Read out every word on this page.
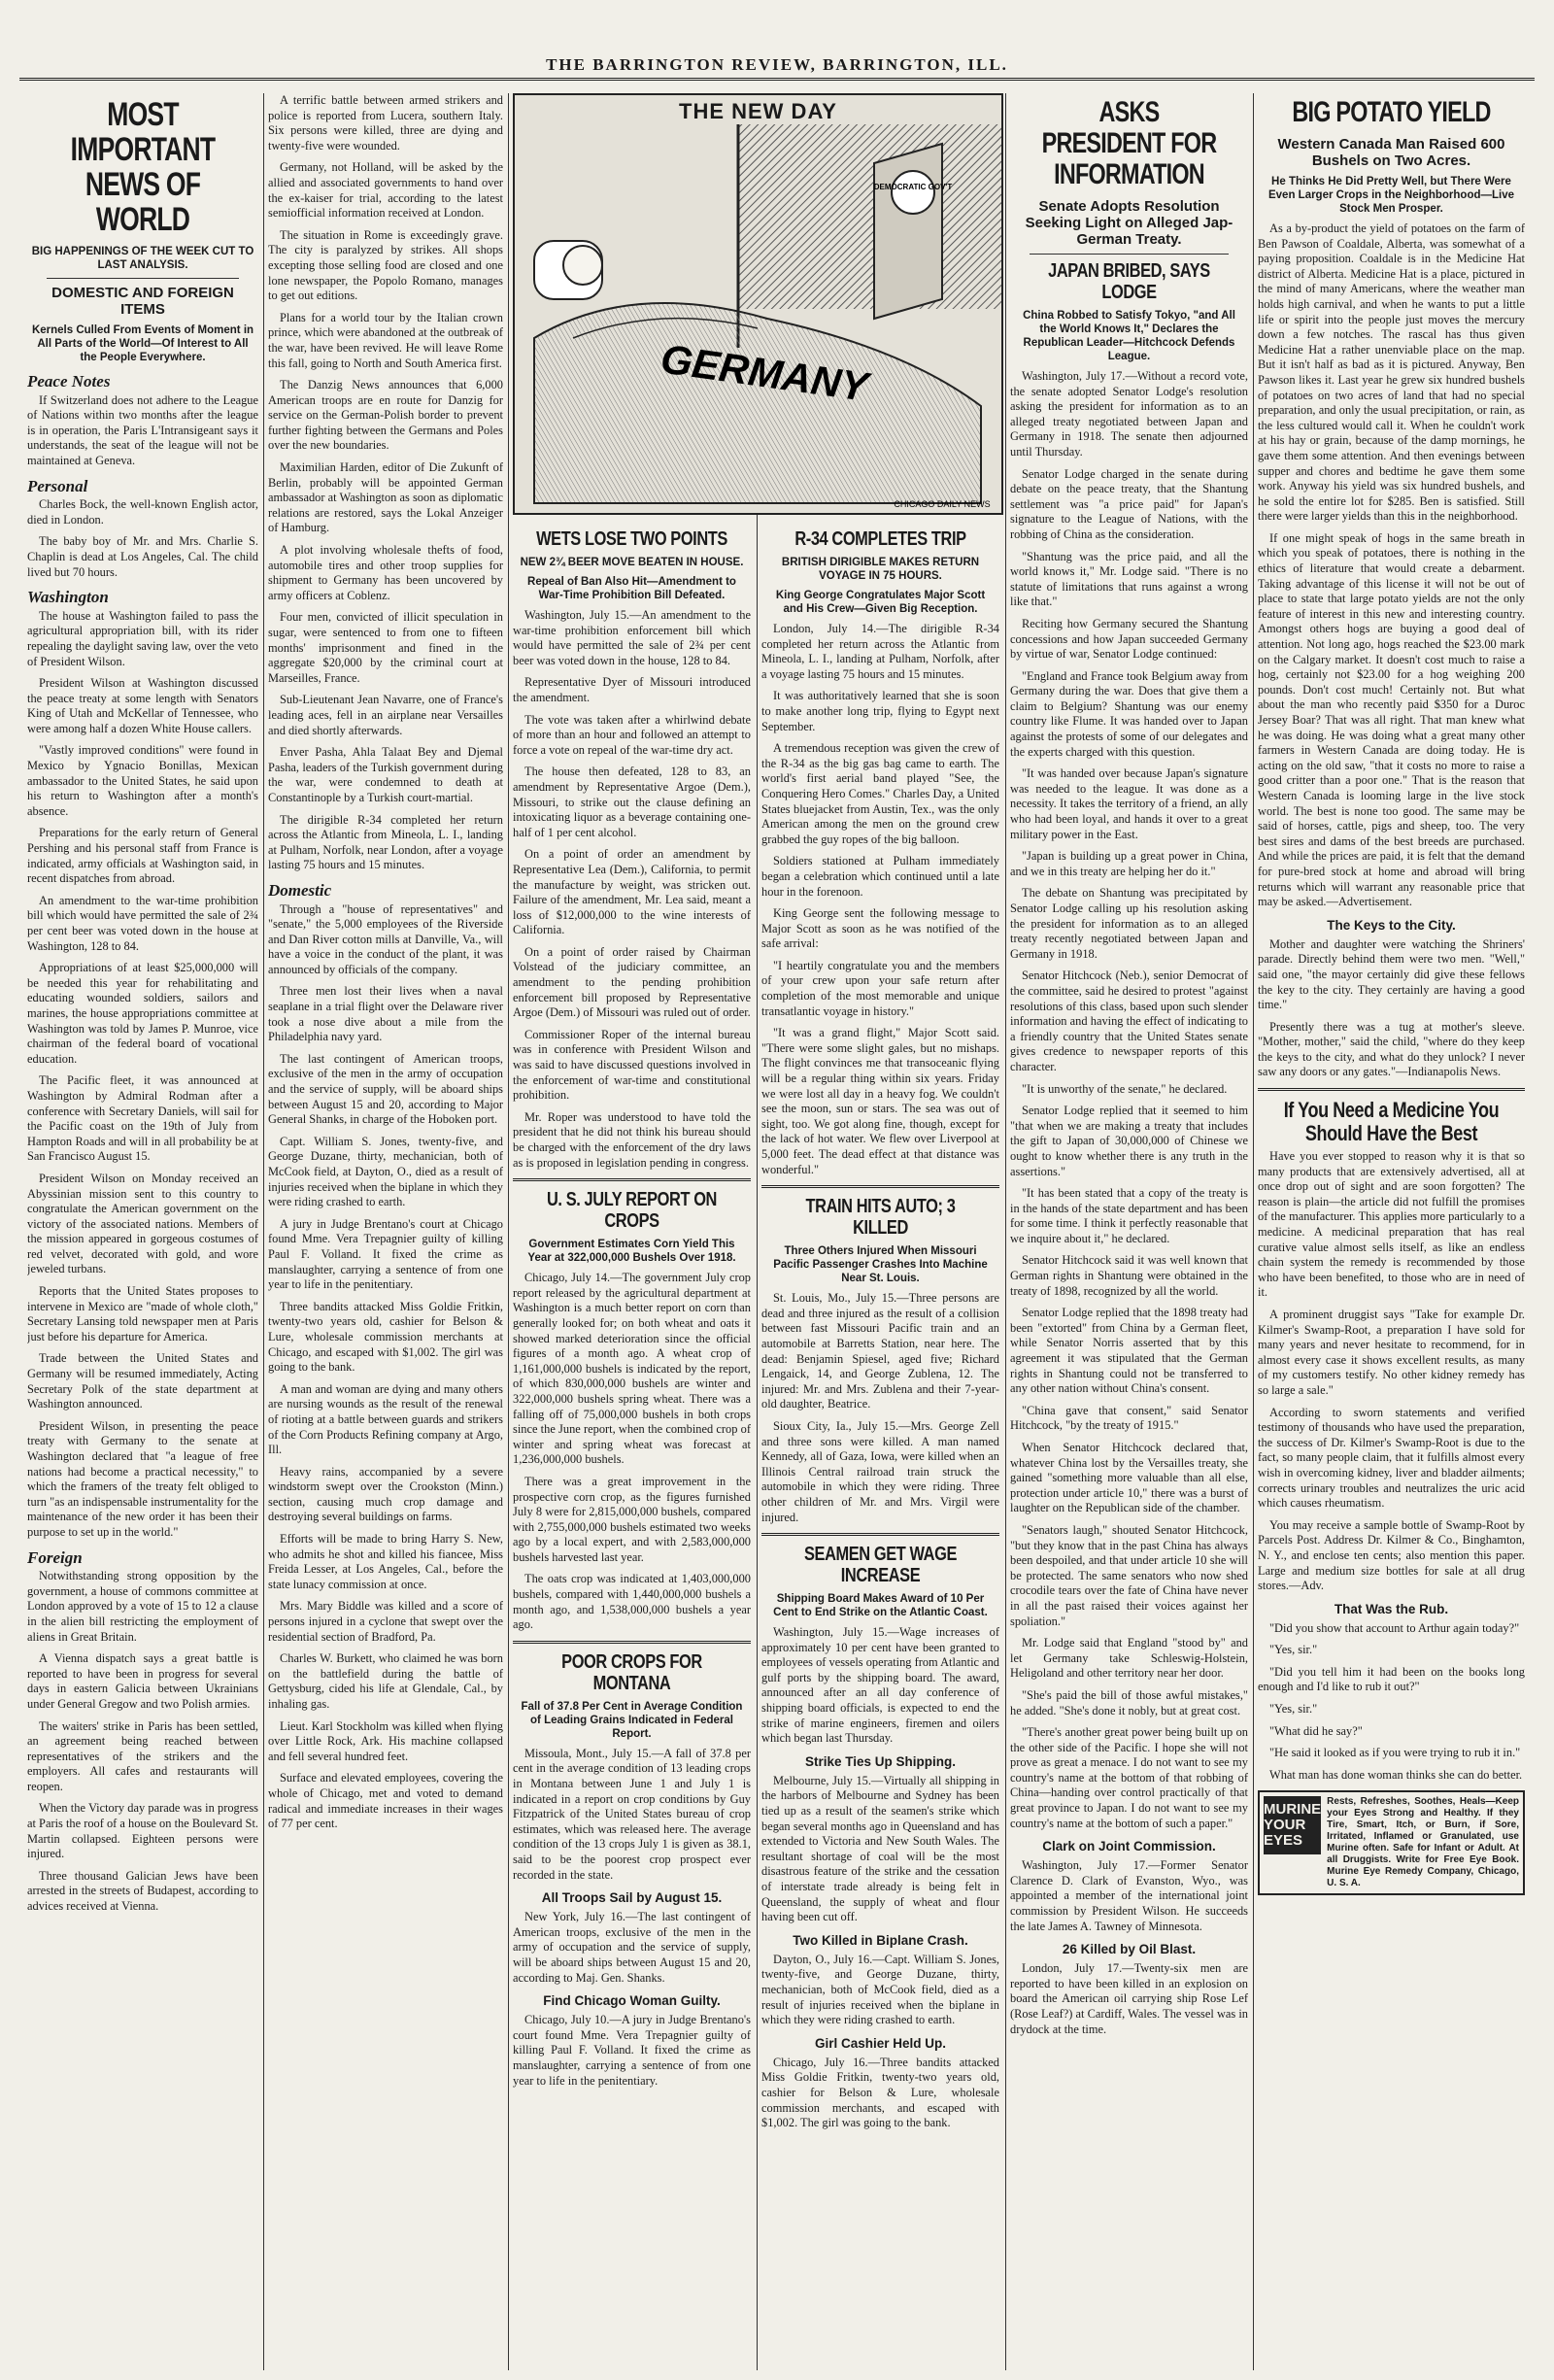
THE BARRINGTON REVIEW, BARRINGTON, ILL.
MOST IMPORTANT NEWS OF WORLD
BIG HAPPENINGS OF THE WEEK CUT TO LAST ANALYSIS.
DOMESTIC AND FOREIGN ITEMS
Kernels Culled From Events of Moment in All Parts of the World—Of Interest to All the People Everywhere.
Peace Notes

If Switzerland does not adhere to the League of Nations within two months after the league is in operation, the Paris L'Intransigeant says it understands, the seat of the league will not be maintained at Geneva.

Personal

Charles Bock, the well-known English actor, died in London.

The baby boy of Mr. and Mrs. Charlie S. Chaplin is dead at Los Angeles, Cal. The child lived but 70 hours.

Washington

The house at Washington failed to pass the agricultural appropriation bill, with its rider repealing the daylight saving law, over the veto of President Wilson.

President Wilson at Washington discussed the peace treaty at some length with Senators King of Utah and McKellar of Tennessee, who were among half a dozen White House callers.

"Vastly improved conditions" were found in Mexico by Ygnacio Bonillas, Mexican ambassador to the United States, he said upon his return to Washington after a month's absence.

Preparations for the early return of General Pershing and his personal staff from France is indicated, army officials at Washington said, in recent dispatches from abroad.

An amendment to the war-time prohibition bill which would have permitted the sale of 2¾ per cent beer was voted down in the house at Washington, 128 to 84.

Appropriations of at least $25,000,000 will be needed this year for rehabilitating and educating wounded soldiers, sailors and marines, the house appropriations committee at Washington was told by James P. Munroe, vice chairman of the federal board of vocational education.

The Pacific fleet, it was announced at Washington by Admiral Rodman after a conference with Secretary Daniels, will sail for the Pacific coast on the 19th of July from Hampton Roads and will in all probability be at San Francisco August 15.

President Wilson on Monday received an Abyssinian mission sent to this country to congratulate the American government on the victory of the associated nations. Members of the mission appeared in gorgeous costumes of red velvet, decorated with gold, and wore jeweled turbans.

Reports that the United States proposes to intervene in Mexico are "made of whole cloth," Secretary Lansing told newspaper men at Paris just before his departure for America.

Trade between the United States and Germany will be resumed immediately, Acting Secretary Polk of the state department at Washington announced.

President Wilson, in presenting the peace treaty with Germany to the senate at Washington declared that "a league of free nations had become a practical necessity," to which the framers of the treaty felt obliged to turn "as an indispensable instrumentality for the maintenance of the new order it has been their purpose to set up in the world."

Foreign

Notwithstanding strong opposition by the government, a house of commons committee at London approved by a vote of 15 to 12 a clause in the alien bill restricting the employment of aliens in Great Britain.

A Vienna dispatch says a great battle is reported to have been in progress for several days in eastern Galicia between Ukrainians under General Gregow and two Polish armies.

The waiters' strike in Paris has been settled, an agreement being reached between representatives of the strikers and the employers. All cafes and restaurants will reopen.

When the Victory day parade was in progress at Paris the roof of a house on the Boulevard St. Martin collapsed. Eighteen persons were injured.

Three thousand Galician Jews have been arrested in the streets of Budapest, according to advices received at Vienna.

A terrific battle between armed strikers and police is reported from Lucera, southern Italy. Six persons were killed, three are dying and twenty-five were wounded.

Germany, not Holland, will be asked by the allied and associated governments to hand over the ex-kaiser for trial, according to the latest semiofficial information received at London.

The situation in Rome is exceedingly grave. The city is paralyzed by strikes. All shops excepting those selling food are closed and one lone newspaper, the Popolo Romano, manages to get out editions.

Plans for a world tour by the Italian crown prince, which were abandoned at the outbreak of the war, have been revived. He will leave Rome this fall, going to North and South America first.

The Danzig News announces that 6,000 American troops are en route for Danzig for service on the German-Polish border to prevent further fighting between the Germans and Poles over the new boundaries.

Maximilian Harden, editor of Die Zukunft of Berlin, probably will be appointed German ambassador at Washington as soon as diplomatic relations are restored, says the Lokal Anzeiger of Hamburg.

A plot involving wholesale thefts of food, automobile tires and other troop supplies for shipment to Germany has been uncovered by army officers at Coblenz.

Four men, convicted of illicit speculation in sugar, were sentenced to from one to fifteen months' imprisonment and fined in the aggregate $20,000 by the criminal court at Marseilles, France.

Sub-Lieutenant Jean Navarre, one of France's leading aces, fell in an airplane near Versailles and died shortly afterwards.

Enver Pasha, Ahla Talaat Bey and Djemal Pasha, leaders of the Turkish government during the war, were condemned to death at Constantinople by a Turkish court-martial.

The dirigible R-34 completed her return across the Atlantic from Mineola, L. I., landing at Pulham, Norfolk, near London, after a voyage lasting 75 hours and 15 minutes.

Domestic

Through a "house of representatives" and "senate," the 5,000 employees of the Riverside and Dan River cotton mills at Danville, Va., will have a voice in the conduct of the plant, it was announced by officials of the company.

Three men lost their lives when a naval seaplane in a trial flight over the Delaware river took a nose dive about a mile from the Philadelphia navy yard.

The last contingent of American troops, exclusive of the men in the army of occupation and the service of supply, will be aboard ships between August 15 and 20, according to Major General Shanks, in charge of the Hoboken port.

Capt. William S. Jones, twenty-five, and George Duzane, thirty, mechanician, both of McCook field, at Dayton, O., died as a result of injuries received when the biplane in which they were riding crashed to earth.

A jury in Judge Brentano's court at Chicago found Mme. Vera Trepagnier guilty of killing Paul F. Volland. It fixed the crime as manslaughter, carrying a sentence of from one year to life in the penitentiary.

Three bandits attacked Miss Goldie Fritkin, twenty-two years old, cashier for Belson & Lure, wholesale commission merchants at Chicago, and escaped with $1,002. The girl was going to the bank.

A man and woman are dying and many others are nursing wounds as the result of the renewal of rioting at a battle between guards and strikers of the Corn Products Refining company at Argo, Ill.

Heavy rains, accompanied by a severe windstorm swept over the Crookston (Minn.) section, causing much crop damage and destroying several buildings on farms.

Efforts will be made to bring Harry S. New, who admits he shot and killed his fiancee, Miss Freida Lesser, at Los Angeles, Cal., before the state lunacy commission at once.

Mrs. Mary Biddle was killed and a score of persons injured in a cyclone that swept over the residential section of Bradford, Pa.

Charles W. Burkett, who claimed he was born on the battlefield during the battle of Gettysburg, cided his life at Glendale, Cal., by inhaling gas.

Lieut. Karl Stockholm was killed when flying over Little Rock, Ark. His machine collapsed and fell several hundred feet.

Surface and elevated employees, covering the whole of Chicago, met and voted to demand radical and immediate increases in their wages of 77 per cent.

DEMOCRATIC GOV'T
GERMANY
CHICAGO DAILY NEWS
THE NEW DAY
WETS LOSE TWO POINTS
NEW 2¾ BEER MOVE BEATEN IN HOUSE.
Repeal of Ban Also Hit—Amendment to War-Time Prohibition Bill Defeated.

Washington, July 15.—An amendment to the war-time prohibition enforcement bill which would have permitted the sale of 2¾ per cent beer was voted down in the house, 128 to 84.

Representative Dyer of Missouri introduced the amendment.

The vote was taken after a whirlwind debate of more than an hour and followed an attempt to force a vote on repeal of the war-time dry act.

The house then defeated, 128 to 83, an amendment by Representative Argoe (Dem.), Missouri, to strike out the clause defining an intoxicating liquor as a beverage containing one-half of 1 per cent alcohol.

On a point of order an amendment by Representative Lea (Dem.), California, to permit the manufacture by weight, was stricken out. Failure of the amendment, Mr. Lea said, meant a loss of $12,000,000 to the wine interests of California.

On a point of order raised by Chairman Volstead of the judiciary committee, an amendment to the pending prohibition enforcement bill proposed by Representative Argoe (Dem.) of Missouri was ruled out of order.

Commissioner Roper of the internal bureau was in conference with President Wilson and was said to have discussed questions involved in the enforcement of war-time and constitutional prohibition.

Mr. Roper was understood to have told the president that he did not think his bureau should be charged with the enforcement of the dry laws as is proposed in legislation pending in congress.

U. S. JULY REPORT ON CROPS
Government Estimates Corn Yield This Year at 322,000,000 Bushels Over 1918.

Chicago, July 14.—The government July crop report released by the agricultural department at Washington is a much better report on corn than generally looked for; on both wheat and oats it showed marked deterioration since the official figures of a month ago. A wheat crop of 1,161,000,000 bushels is indicated by the report, of which 830,000,000 bushels are winter and 322,000,000 bushels spring wheat. There was a falling off of 75,000,000 bushels in both crops since the June report, when the combined crop of winter and spring wheat was forecast at 1,236,000,000 bushels.

There was a great improvement in the prospective corn crop, as the figures furnished July 8 were for 2,815,000,000 bushels, compared with 2,755,000,000 bushels estimated two weeks ago by a local expert, and with 2,583,000,000 bushels harvested last year.

The oats crop was indicated at 1,403,000,000 bushels, compared with 1,440,000,000 bushels a month ago, and 1,538,000,000 bushels a year ago.

POOR CROPS FOR MONTANA
Fall of 37.8 Per Cent in Average Condition of Leading Grains Indicated in Federal Report.

Missoula, Mont., July 15.—A fall of 37.8 per cent in the average condition of 13 leading crops in Montana between June 1 and July 1 is indicated in a report on crop conditions by Guy Fitzpatrick of the United States bureau of crop estimates, which was released here. The average condition of the 13 crops July 1 is given as 38.1, said to be the poorest crop prospect ever recorded in the state.

All Troops Sail by August 15.

New York, July 16.—The last contingent of American troops, exclusive of the men in the army of occupation and the service of supply, will be aboard ships between August 15 and 20, according to Maj. Gen. Shanks.

Find Chicago Woman Guilty.

Chicago, July 10.—A jury in Judge Brentano's court found Mme. Vera Trepagnier guilty of killing Paul F. Volland. It fixed the crime as manslaughter, carrying a sentence of from one year to life in the penitentiary.

R-34 COMPLETES TRIP
BRITISH DIRIGIBLE MAKES RETURN VOYAGE IN 75 HOURS.
King George Congratulates Major Scott and His Crew—Given Big Reception.

London, July 14.—The dirigible R-34 completed her return across the Atlantic from Mineola, L. I., landing at Pulham, Norfolk, after a voyage lasting 75 hours and 15 minutes.

It was authoritatively learned that she is soon to make another long trip, flying to Egypt next September.

A tremendous reception was given the crew of the R-34 as the big gas bag came to earth. The world's first aerial band played "See, the Conquering Hero Comes." Charles Day, a United States bluejacket from Austin, Tex., was the only American among the men on the ground crew grabbed the guy ropes of the big balloon.

Soldiers stationed at Pulham immediately began a celebration which continued until a late hour in the forenoon.

King George sent the following message to Major Scott as soon as he was notified of the safe arrival:

"I heartily congratulate you and the members of your crew upon your safe return after completion of the most memorable and unique transatlantic voyage in history."

"It was a grand flight," Major Scott said. "There were some slight gales, but no mishaps. The flight convinces me that transoceanic flying will be a regular thing within six years. Friday we were lost all day in a heavy fog. We couldn't see the moon, sun or stars. The sea was out of sight, too. We got along fine, though, except for the lack of hot water. We flew over Liverpool at 5,000 feet. The dead effect at that distance was wonderful."

TRAIN HITS AUTO; 3 KILLED
Three Others Injured When Missouri Pacific Passenger Crashes Into Machine Near St. Louis.

St. Louis, Mo., July 15.—Three persons are dead and three injured as the result of a collision between fast Missouri Pacific train and an automobile at Barretts Station, near here. The dead: Benjamin Spiesel, aged five; Richard Lengaick, 14, and George Zublena, 12. The injured: Mr. and Mrs. Zublena and their 7-year-old daughter, Beatrice.

Sioux City, Ia., July 15.—Mrs. George Zell and three sons were killed. A man named Kennedy, all of Gaza, Iowa, were killed when an Illinois Central railroad train struck the automobile in which they were riding. Three other children of Mr. and Mrs. Virgil were injured.

SEAMEN GET WAGE INCREASE
Shipping Board Makes Award of 10 Per Cent to End Strike on the Atlantic Coast.

Washington, July 15.—Wage increases of approximately 10 per cent have been granted to employees of vessels operating from Atlantic and gulf ports by the shipping board. The award, announced after an all day conference of shipping board officials, is expected to end the strike of marine engineers, firemen and oilers which began last Thursday.

Strike Ties Up Shipping.

Melbourne, July 15.—Virtually all shipping in the harbors of Melbourne and Sydney has been tied up as a result of the seamen's strike which began several months ago in Queensland and has extended to Victoria and New South Wales. The resultant shortage of coal will be the most disastrous feature of the strike and the cessation of interstate trade already is being felt in Queensland, the supply of wheat and flour having been cut off.

Two Killed in Biplane Crash.

Dayton, O., July 16.—Capt. William S. Jones, twenty-five, and George Duzane, thirty, mechanician, both of McCook field, died as a result of injuries received when the biplane in which they were riding crashed to earth.

Girl Cashier Held Up.

Chicago, July 16.—Three bandits attacked Miss Goldie Fritkin, twenty-two years old, cashier for Belson & Lure, wholesale commission merchants, and escaped with $1,002. The girl was going to the bank.

ASKS PRESIDENT FOR INFORMATION
Senate Adopts Resolution Seeking Light on Alleged Jap-German Treaty.
JAPAN BRIBED, SAYS LODGE
China Robbed to Satisfy Tokyo, "and All the World Knows It," Declares the Republican Leader—Hitchcock Defends League.

Washington, July 17.—Without a record vote, the senate adopted Senator Lodge's resolution asking the president for information as to an alleged treaty negotiated between Japan and Germany in 1918. The senate then adjourned until Thursday.

Senator Lodge charged in the senate during debate on the peace treaty, that the Shantung settlement was "a price paid" for Japan's signature to the League of Nations, with the robbing of China as the consideration.

"Shantung was the price paid, and all the world knows it," Mr. Lodge said. "There is no statute of limitations that runs against a wrong like that."

Reciting how Germany secured the Shantung concessions and how Japan succeeded Germany by virtue of war, Senator Lodge continued:

"England and France took Belgium away from Germany during the war. Does that give them a claim to Belgium? Shantung was our enemy country like Flume. It was handed over to Japan against the protests of some of our delegates and the experts charged with this question.

"It was handed over because Japan's signature was needed to the league. It was done as a necessity. It takes the territory of a friend, an ally who had been loyal, and hands it over to a great military power in the East.

"Japan is building up a great power in China, and we in this treaty are helping her do it."

The debate on Shantung was precipitated by Senator Lodge calling up his resolution asking the president for information as to an alleged treaty recently negotiated between Japan and Germany in 1918.

Senator Hitchcock (Neb.), senior Democrat of the committee, said he desired to protest "against resolutions of this class, based upon such slender information and having the effect of indicating to a friendly country that the United States senate gives credence to newspaper reports of this character.

"It is unworthy of the senate," he declared.

Senator Lodge replied that it seemed to him "that when we are making a treaty that includes the gift to Japan of 30,000,000 of Chinese we ought to know whether there is any truth in the assertions."

"It has been stated that a copy of the treaty is in the hands of the state department and has been for some time. I think it perfectly reasonable that we inquire about it," he declared.

Senator Hitchcock said it was well known that German rights in Shantung were obtained in the treaty of 1898, recognized by all the world.

Senator Lodge replied that the 1898 treaty had been "extorted" from China by a German fleet, while Senator Norris asserted that by this agreement it was stipulated that the German rights in Shantung could not be transferred to any other nation without China's consent.

"China gave that consent," said Senator Hitchcock, "by the treaty of 1915."

When Senator Hitchcock declared that, whatever China lost by the Versailles treaty, she gained "something more valuable than all else, protection under article 10," there was a burst of laughter on the Republican side of the chamber.

"Senators laugh," shouted Senator Hitchcock, "but they know that in the past China has always been despoiled, and that under article 10 she will be protected. The same senators who now shed crocodile tears over the fate of China have never in all the past raised their voices against her spoliation."

Mr. Lodge said that England "stood by" and let Germany take Schleswig-Holstein, Heligoland and other territory near her door.

"She's paid the bill of those awful mistakes," he added. "She's done it nobly, but at great cost.

"There's another great power being built up on the other side of the Pacific. I hope she will not prove as great a menace. I do not want to see my country's name at the bottom of that robbing of China—handing over control practically of that great province to Japan. I do not want to see my country's name at the bottom of such a paper."

Clark on Joint Commission.

Washington, July 17.—Former Senator Clarence D. Clark of Evanston, Wyo., was appointed a member of the international joint commission by President Wilson. He succeeds the late James A. Tawney of Minnesota.

26 Killed by Oil Blast.

London, July 17.—Twenty-six men are reported to have been killed in an explosion on board the American oil carrying ship Rose Lef (Rose Leaf?) at Cardiff, Wales. The vessel was in drydock at the time.

BIG POTATO YIELD
Western Canada Man Raised 600 Bushels on Two Acres.
He Thinks He Did Pretty Well, but There Were Even Larger Crops in the Neighborhood—Live Stock Men Prosper.

As a by-product the yield of potatoes on the farm of Ben Pawson of Coaldale, Alberta, was somewhat of a paying proposition. Coaldale is in the Medicine Hat district of Alberta. Medicine Hat is a place, pictured in the mind of many Americans, where the weather man holds high carnival, and when he wants to put a little life or spirit into the people just moves the mercury down a few notches. The rascal has thus given Medicine Hat a rather unenviable place on the map. But it isn't half as bad as it is pictured. Anyway, Ben Pawson likes it. Last year he grew six hundred bushels of potatoes on two acres of land that had no special preparation, and only the usual precipitation, or rain, as the less cultured would call it. When he couldn't work at his hay or grain, because of the damp mornings, he gave them some attention. And then evenings between supper and chores and bedtime he gave them some work. Anyway his yield was six hundred bushels, and he sold the entire lot for $285. Ben is satisfied. Still there were larger yields than this in the neighborhood.

If one might speak of hogs in the same breath in which you speak of potatoes, there is nothing in the ethics of literature that would create a debarment. Taking advantage of this license it will not be out of place to state that large potato yields are not the only feature of interest in this new and interesting country. Amongst others hogs are buying a good deal of attention. Not long ago, hogs reached the $23.00 mark on the Calgary market. It doesn't cost much to raise a hog, certainly not $23.00 for a hog weighing 200 pounds. Don't cost much! Certainly not. But what about the man who recently paid $350 for a Duroc Jersey Boar? That was all right. That man knew what he was doing. He was doing what a great many other farmers in Western Canada are doing today. He is acting on the old saw, "that it costs no more to raise a good critter than a poor one." That is the reason that Western Canada is looming large in the live stock world. The best is none too good. The same may be said of horses, cattle, pigs and sheep, too. The very best sires and dams of the best breeds are purchased. And while the prices are paid, it is felt that the demand for pure-bred stock at home and abroad will bring returns which will warrant any reasonable price that may be asked.—Advertisement.

The Keys to the City.

Mother and daughter were watching the Shriners' parade. Directly behind them were two men. "Well," said one, "the mayor certainly did give these fellows the key to the city. They certainly are having a good time."

Presently there was a tug at mother's sleeve. "Mother, mother," said the child, "where do they keep the keys to the city, and what do they unlock? I never saw any doors or any gates."—Indianapolis News.

If You Need a Medicine You Should Have the Best

Have you ever stopped to reason why it is that so many products that are extensively advertised, all at once drop out of sight and are soon forgotten? The reason is plain—the article did not fulfill the promises of the manufacturer. This applies more particularly to a medicine. A medicinal preparation that has real curative value almost sells itself, as like an endless chain system the remedy is recommended by those who have been benefited, to those who are in need of it.

A prominent druggist says "Take for example Dr. Kilmer's Swamp-Root, a preparation I have sold for many years and never hesitate to recommend, for in almost every case it shows excellent results, as many of my customers testify. No other kidney remedy has so large a sale."

According to sworn statements and verified testimony of thousands who have used the preparation, the success of Dr. Kilmer's Swamp-Root is due to the fact, so many people claim, that it fulfills almost every wish in overcoming kidney, liver and bladder ailments; corrects urinary troubles and neutralizes the uric acid which causes rheumatism.

You may receive a sample bottle of Swamp-Root by Parcels Post. Address Dr. Kilmer & Co., Binghamton, N. Y., and enclose ten cents; also mention this paper. Large and medium size bottles for sale at all drug stores.—Adv.

That Was the Rub.

"Did you show that account to Arthur again today?"

"Yes, sir."

"Did you tell him it had been on the books long enough and I'd like to rub it out?"

"Yes, sir."

"What did he say?"

"He said it looked as if you were trying to rub it in."

What man has done woman thinks she can do better.

MURINE
YOUR EYES
Rests, Refreshes, Soothes, Heals—Keep your Eyes Strong and Healthy. If they Tire, Smart, Itch, or Burn, if Sore, Irritated, Inflamed or Granulated, use Murine often. Safe for Infant or Adult. At all Druggists. Write for Free Eye Book. Murine Eye Remedy Company, Chicago, U. S. A.
